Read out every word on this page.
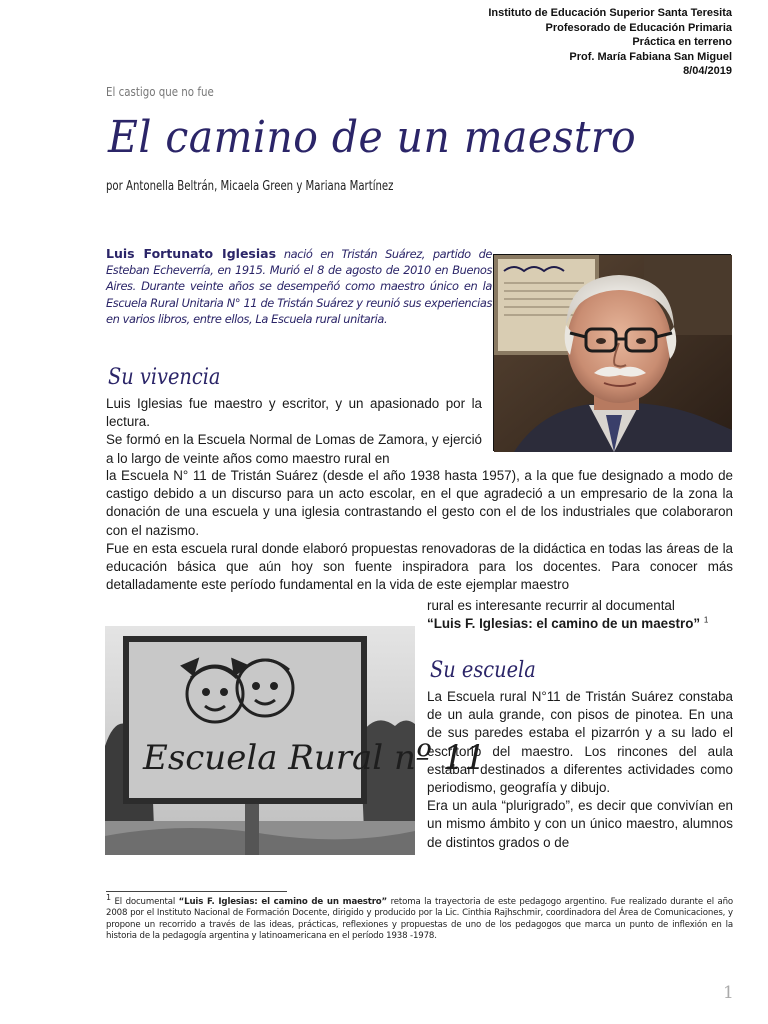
Instituto de Educación Superior Santa Teresita
Profesorado de Educación Primaria
Práctica en terreno
Prof. María Fabiana San Miguel
8/04/2019
El castigo que no fue
El camino de un maestro
por Antonella Beltrán, Micaela Green y Mariana Martínez
Luis Fortunato Iglesias nació en Tristán Suárez, partido de Esteban Echeverría, en 1915. Murió el 8 de agosto de 2010 en Buenos Aires. Durante veinte años se desempeñó como maestro único en la Escuela Rural Unitaria N° 11 de Tristán Suárez y reunió sus experiencias en varios libros, entre ellos, La Escuela rural unitaria.
Su vivencia

Luis Iglesias fue maestro y escritor, y un apasionado por la lectura.

Se formó en la Escuela Normal de Lomas de Zamora, y ejerció a lo largo de veinte años como maestro rural en

la Escuela N° 11 de Tristán Suárez (desde el año 1938 hasta 1957), a la que fue designado a modo de castigo debido a un discurso para un acto escolar, en el que agradeció a un empresario de la zona la donación de una escuela y una iglesia contrastando el gesto con el de los industriales que colaboraron con el nazismo.

Fue en esta escuela rural donde elaboró propuestas renovadoras de la didáctica en todas las áreas de la educación básica que aún hoy son fuente inspiradora para los docentes. Para conocer más detalladamente este período fundamental en la vida de este ejemplar maestro

rural es interesante recurrir al documental

“Luis F. Iglesias: el camino de un maestro” $^1$

Escuela Rural nº 11
Su escuela

La Escuela rural N°11 de Tristán Suárez constaba de un aula grande, con pisos de pinotea. En una de sus paredes estaba el pizarrón y a su lado el escritorio del maestro. Los rincones del aula estaban destinados a diferentes actividades como periodismo, geografía y dibujo.

Era un aula “plurigrado”, es decir que convivían en un mismo ámbito y con un único maestro, alumnos de distintos grados o de

1 El documental “Luis F. Iglesias: el camino de un maestro” retoma la trayectoria de este pedagogo argentino. Fue realizado durante el año 2008 por el Instituto Nacional de Formación Docente, dirigido y producido por la Lic. Cinthia Rajhschmir, coordinadora del Área de Comunicaciones, y propone un recorrido a través de las ideas, prácticas, reflexiones y propuestas de uno de los pedagogos que marca un punto de inflexión en la historia de la pedagogía argentina y latinoamericana en el período 1938 -1978.
1
